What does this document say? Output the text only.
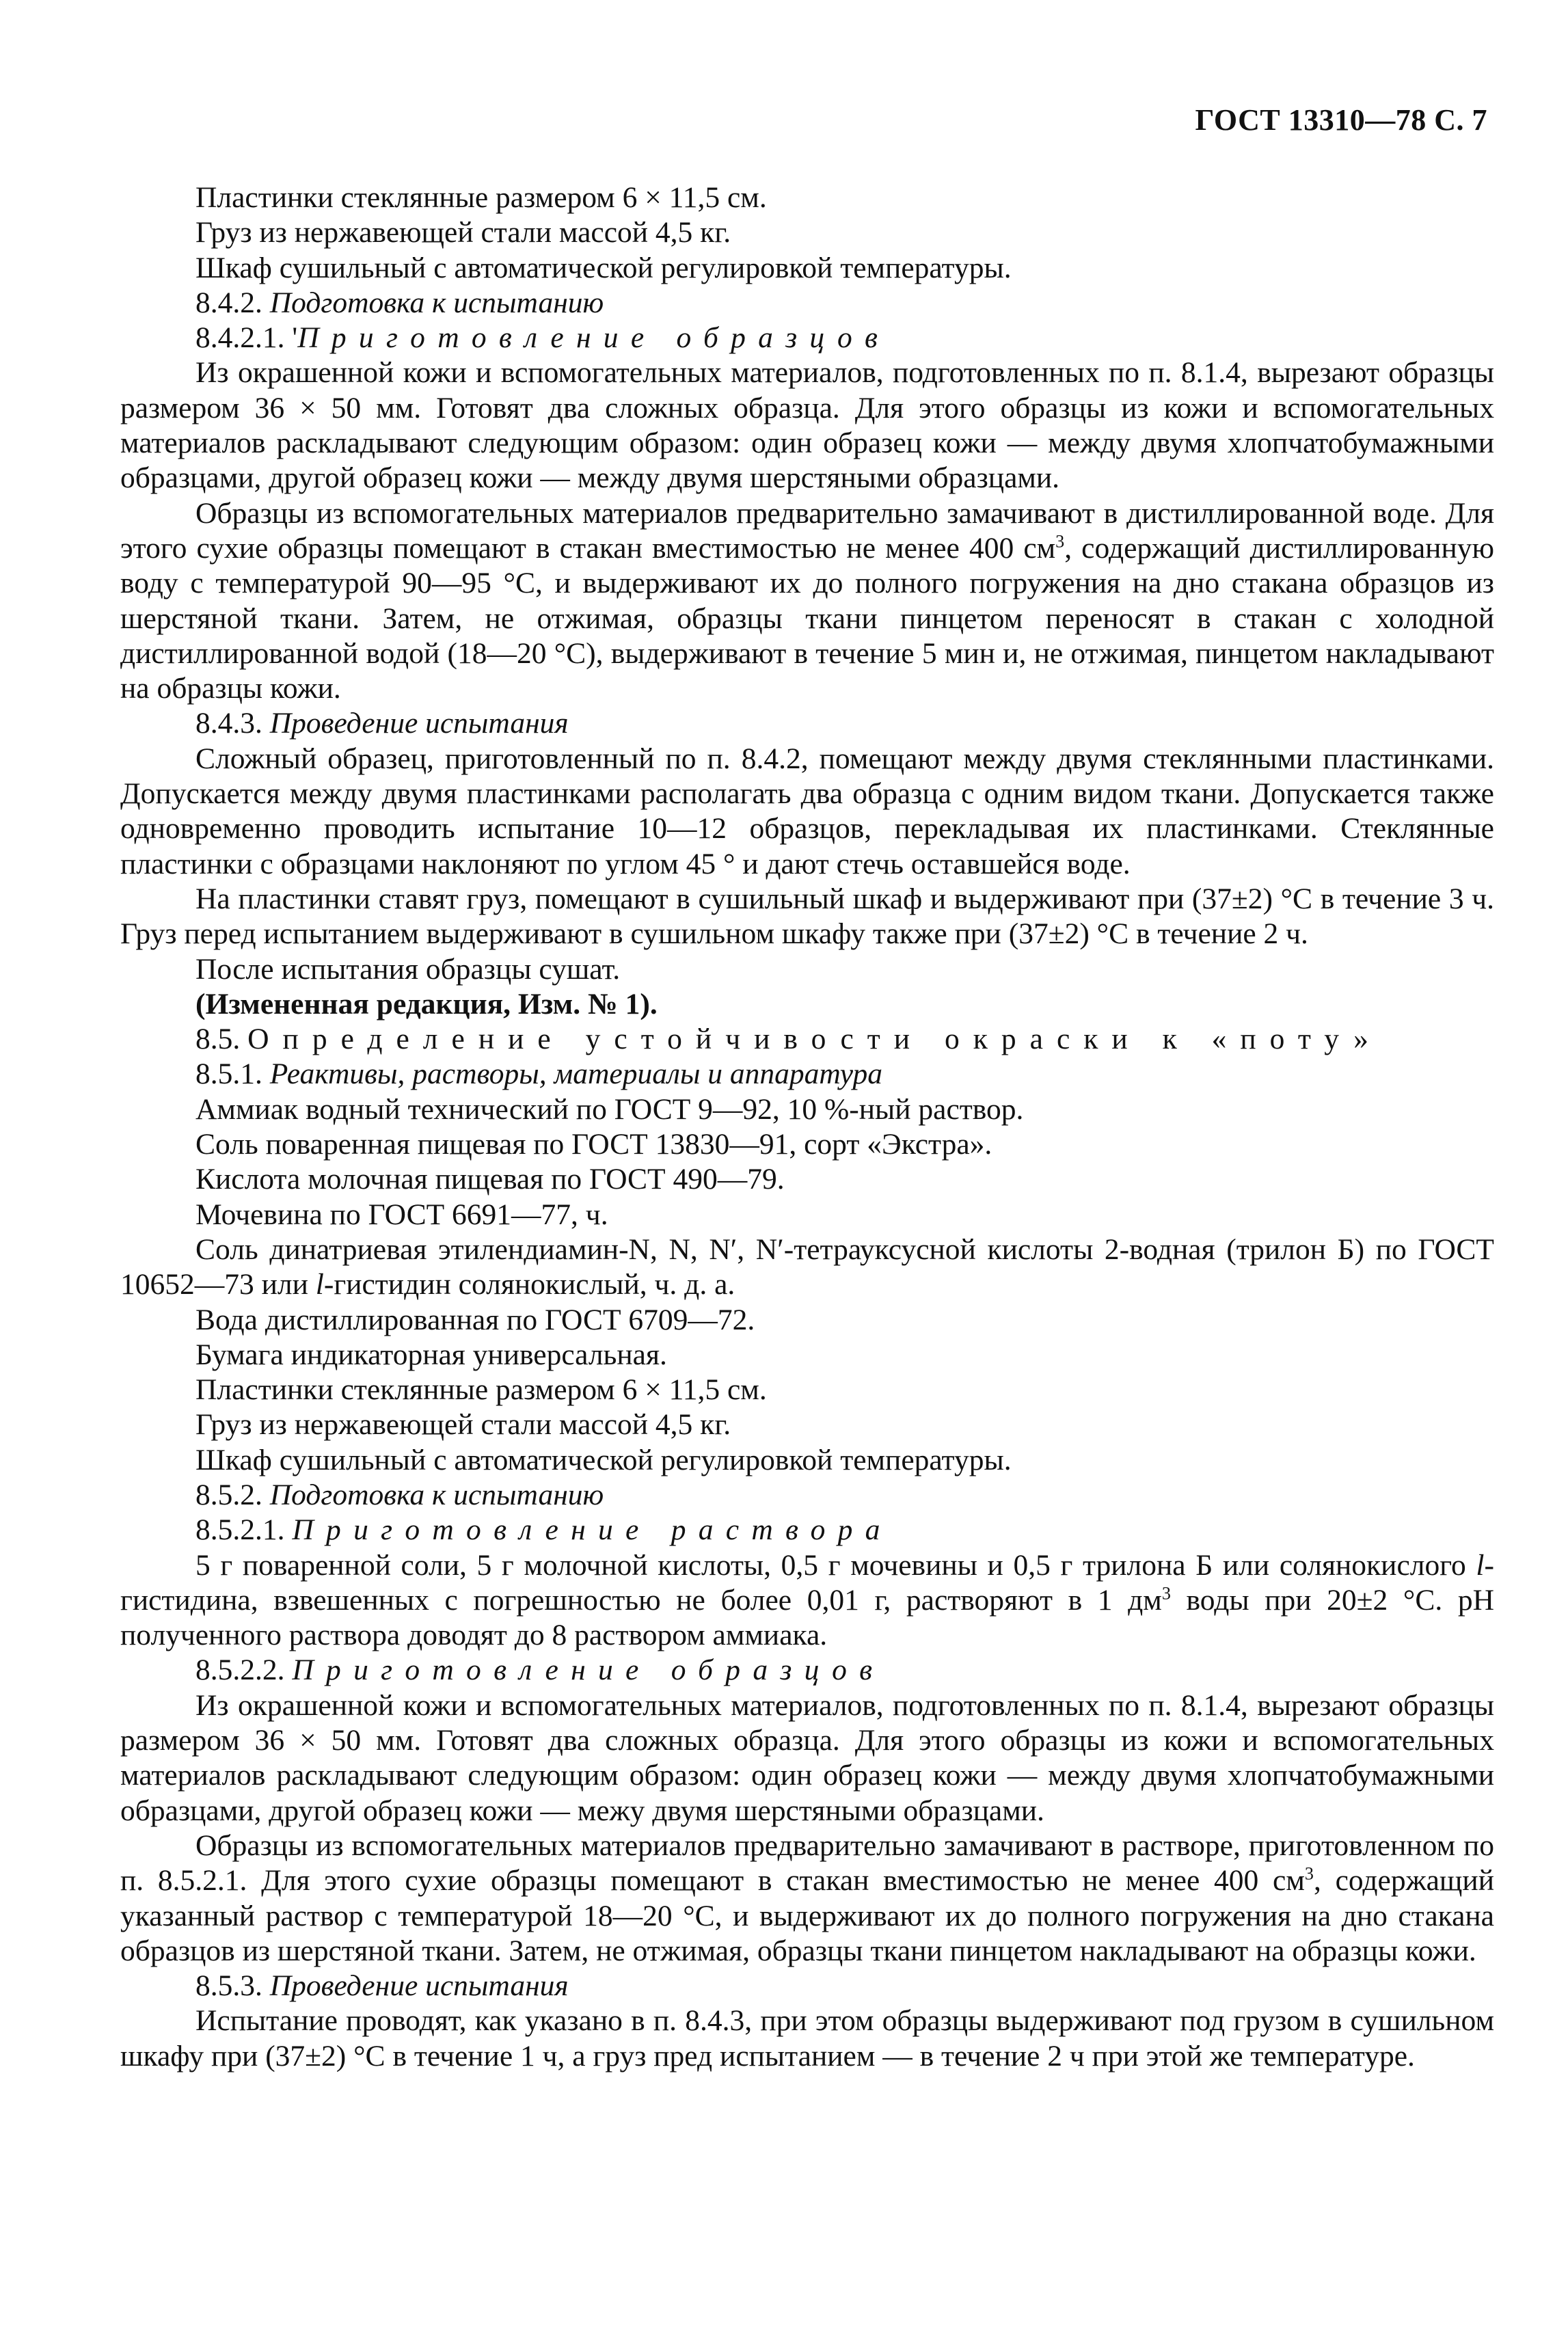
ГОСТ 13310—78 С. 7

Пластинки стеклянные размером 6 × 11,5 см.

Груз из нержавеющей стали массой 4,5 кг.

Шкаф сушильный с автоматической регулировкой температуры.

8.4.2. Подготовка к испытанию

8.4.2.1. 'Приготовление образцов

Из окрашенной кожи и вспомогательных материалов, подготовленных по п. 8.1.4, вырезают образцы размером 36 × 50 мм. Готовят два сложных образца. Для этого образцы из кожи и вспомогательных материалов раскладывают следующим образом: один образец кожи — между двумя хлопчатобумажными образцами, другой образец кожи — между двумя шерстяными образцами.

Образцы из вспомогательных материалов предварительно замачивают в дистиллированной воде. Для этого сухие образцы помещают в стакан вместимостью не менее 400 $см^3$, содержащий дистиллированную воду с температурой 90—95 °С, и выдерживают их до полного погружения на дно стакана образцов из шерстяной ткани. Затем, не отжимая, образцы ткани пинцетом переносят в стакан с холодной дистиллированной водой (18—20 °С), выдерживают в течение 5 мин и, не отжимая, пинцетом накладывают на образцы кожи.

8.4.3. Проведение испытания

Сложный образец, приготовленный по п. 8.4.2, помещают между двумя стеклянными пластинками. Допускается между двумя пластинками располагать два образца с одним видом ткани. Допускается также одновременно проводить испытание 10—12 образцов, перекладывая их пластинками. Стеклянные пластинки с образцами наклоняют по углом 45 ° и дают стечь оставшейся воде.

На пластинки ставят груз, помещают в сушильный шкаф и выдерживают при (37±2) °С в течение 3 ч. Груз перед испытанием выдерживают в сушильном шкафу также при (37±2) °С в течение 2 ч.

После испытания образцы сушат.

(Измененная редакция, Изм. № 1).

8.5. Определение устойчивости окраски к «поту»

8.5.1. Реактивы, растворы, материалы и аппаратура

Аммиак водный технический по ГОСТ 9—92, 10 %-ный раствор.

Соль поваренная пищевая по ГОСТ 13830—91, сорт «Экстра».

Кислота молочная пищевая по ГОСТ 490—79.

Мочевина по ГОСТ 6691—77, ч.

Соль динатриевая этилендиамин-N, N, N′, N′-тетрауксусной кислоты 2-водная (трилон Б) по ГОСТ 10652—73 или l-гистидин солянокислый, ч. д. а.

Вода дистиллированная по ГОСТ 6709—72.

Бумага индикаторная универсальная.

Пластинки стеклянные размером 6 × 11,5 см.

Груз из нержавеющей стали массой 4,5 кг.

Шкаф сушильный с автоматической регулировкой температуры.

8.5.2. Подготовка к испытанию

8.5.2.1. Приготовление раствора

5 г поваренной соли, 5 г молочной кислоты, 0,5 г мочевины и 0,5 г трилона Б или солянокислого l-гистидина, взвешенных с погрешностью не более 0,01 г, растворяют в 1 $дм^3$ воды при 20±2 °С. рН полученного раствора доводят до 8 раствором аммиака.

8.5.2.2. Приготовление образцов

Из окрашенной кожи и вспомогательных материалов, подготовленных по п. 8.1.4, вырезают образцы размером 36 × 50 мм. Готовят два сложных образца. Для этого образцы из кожи и вспомогательных материалов раскладывают следующим образом: один образец кожи — между двумя хлопчатобумажными образцами, другой образец кожи — межу двумя шерстяными образцами.

Образцы из вспомогательных материалов предварительно замачивают в растворе, приготовленном по п. 8.5.2.1. Для этого сухие образцы помещают в стакан вместимостью не менее 400 $см^3$, содержащий указанный раствор с температурой 18—20 °С, и выдерживают их до полного погружения на дно стакана образцов из шерстяной ткани. Затем, не отжимая, образцы ткани пинцетом накладывают на образцы кожи.

8.5.3. Проведение испытания

Испытание проводят, как указано в п. 8.4.3, при этом образцы выдерживают под грузом в сушильном шкафу при (37±2) °С в течение 1 ч, а груз пред испытанием — в течение 2 ч при этой же температуре.
